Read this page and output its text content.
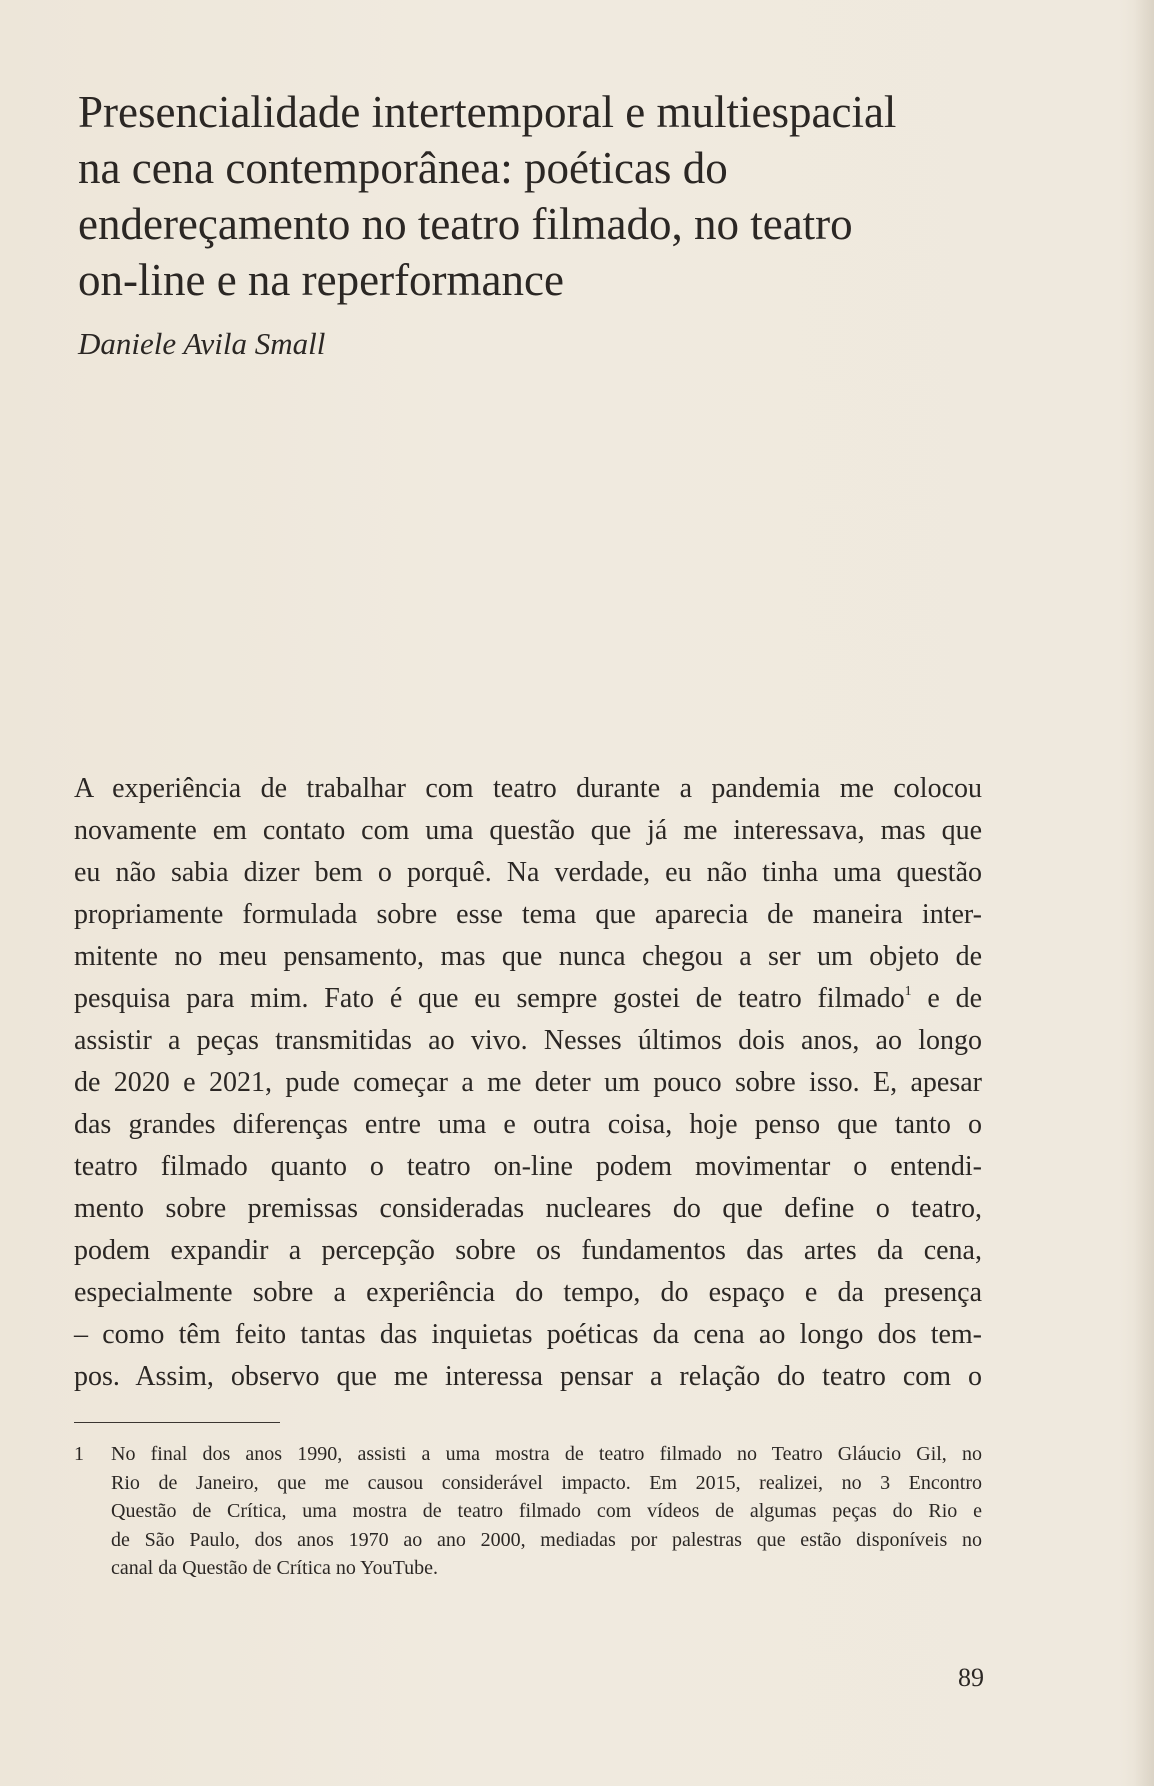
Presencialidade intertemporal e multiespacial
na cena contemporânea: poéticas do
endereçamento no teatro filmado, no teatro
on-line e na reperformance
Daniele Avila Small
A experiência de trabalhar com teatro durante a pandemia me colocou
novamente em contato com uma questão que já me interessava, mas que
eu não sabia dizer bem o porquê. Na verdade, eu não tinha uma questão
propriamente formulada sobre esse tema que aparecia de maneira inter-
mitente no meu pensamento, mas que nunca chegou a ser um objeto de
pesquisa para mim. Fato é que eu sempre gostei de teatro filmado$^1$ e de
assistir a peças transmitidas ao vivo. Nesses últimos dois anos, ao longo
de 2020 e 2021, pude começar a me deter um pouco sobre isso. E, apesar
das grandes diferenças entre uma e outra coisa, hoje penso que tanto o
teatro filmado quanto o teatro on-line podem movimentar o entendi-
mento sobre premissas consideradas nucleares do que define o teatro,
podem expandir a percepção sobre os fundamentos das artes da cena,
especialmente sobre a experiência do tempo, do espaço e da presença
– como têm feito tantas das inquietas poéticas da cena ao longo dos tem-
pos. Assim, observo que me interessa pensar a relação do teatro com o
1	No final dos anos 1990, assisti a uma mostra de teatro filmado no Teatro Gláucio Gil, no
Rio de Janeiro, que me causou considerável impacto. Em 2015, realizei, no 3 Encontro
Questão de Crítica, uma mostra de teatro filmado com vídeos de algumas peças do Rio e
de São Paulo, dos anos 1970 ao ano 2000, mediadas por palestras que estão disponíveis no
canal da Questão de Crítica no YouTube.
89
